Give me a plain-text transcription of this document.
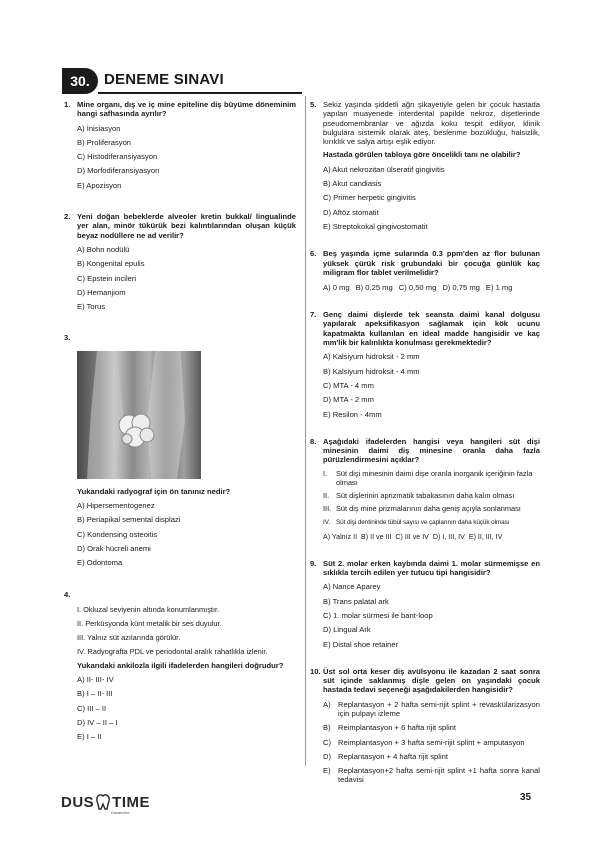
30. DENEME SINAVI
1. Mine organı, dış ve iç mine epiteline diş büyüme döneminim hangi safhasında ayrılır?
A) İnisiasyon
B) Proliferasyon
C) Histodiferansiyasyon
D) Morfodiferansiyasyon
E) Apozisyon
2. Yeni doğan bebeklerde alveoler kretin bukkal/ lingualinde yer alan, minör tükürük bezi kalıntılarından oluşan küçük beyaz nodüllere ne ad verilir?
A) Bohn nodülü
B) Kongenital epulis
C) Epstein incileri
D) Hemanjiom
E) Torus
3.
Yukarıdaki radyograf için ön tanınız nedir?
A) Hipersementogenez
B) Periapikal semental displazi
C) Kondensing osteoitis
D) Orak hücreli anemi
E) Odontoma
4.
I. Okluzal seviyenin altında konumlanmıştır.
II. Perküsyonda künt metalik bir ses duyulur.
III. Yalnız süt azılarında görülür.
IV. Radyografta PDL ve periodontal aralık rahatlıkla izlenir.
Yukarıdaki ankilozla ilgili ifadelerden hangileri doğrudur?
A) II- III- IV
B) I – II- III
C) III – II
D) IV – II – I
E) I – II
5. Sekiz yaşında şiddetli ağrı şikayetiyle gelen bir çocuk hastada yapılan muayenede interdental papilde nekroz, dişetlerinde pseudomembranlar ve ağızda koku tespit ediliyor, klinik bulgulara sistemik olarak ateş, beslenme bozukluğu, halsizlik, kırıklık ve salya artışı eşlik ediyor.
Hastada görülen tabloya göre öncelikli tanı ne olabilir?
A) Akut nekrozitan ülseratif gingivitis
B) Akut candiasis
C) Primer herpetic gingivitis
D) Aftöz stomatit
E) Streptokokal gingivostomatit
6. Beş yaşında içme sularında 0.3 ppm'den az flor bulunan yüksek çürük risk grubundaki bir çocuğa günlük kaç miligram flor tablet verilmelidir?
A) 0 mg B) 0,25 mg C) 0,50 mg D) 0,75 mg E) 1 mg
7. Genç daimi dişlerde tek seansta daimi kanal dolgusu yapılarak apeksifikasyon sağlamak için kök ucunu kapatmakta kullanılan en ideal madde hangisidir ve kaç mm'lik bir kalınlıkta konulması gerekmektedir?
A) Kalsiyum hidroksit - 2 mm
B) Kalsiyum hidroksit - 4 mm
C) MTA - 4 mm
D) MTA - 2 mm
E) Resilon - 4mm
8. Aşağıdaki ifadelerden hangisi veya hangileri süt dişi minesinin daimi diş minesine oranla daha fazla pürüzlendirmesini açıklar?
I.	Süt dişi minesinin daimi dişe oranla inorganik içeriğinin fazla olması
II. Süt dişlerinin aprizmatik tabakasının daha kalın olması
III. Süt diş mine prizmalarının daha geniş açıyla sonlanması
IV. Süt dişi dentininde tübül sayısı ve çaplarının daha küçük olması
A) Yalnız II B) II ve III C) III ve IV D) I, III, IV E) II, III, IV
9. Süt 2. molar erken kaybında daimi 1. molar sürmemişse en sıklıkla tercih edilen yer tutucu tipi hangisidir?
A) Nance Aparey
B) Trans palatal ark
C) 1. molar sürmesi ile bant-loop
D) Lingual Ark
E) Distal shoe retainer
10. Üst sol orta keser diş avülsyonu ile kazadan 2 saat sonra süt içinde saklanmış dişle gelen on yaşındaki çocuk hastada tedavi seçeneği aşağıdakilerden hangisidir?
A) Replantasyon + 2 hafta semi-rijit splint + revaskülarizasyon için pulpayı izleme
B) Reimplantasyon + 6 hafta rijit splint
C) Reimplantasyon + 3 hafta semi-rijit splint + amputasyon
D) Replantasyon + 4 hafta rijit splint
E) Replantasyon+2 hafta semi-rijit splint +1 hafta sonra kanal tedavisi
DUS TIME
Kazandırır...
35
